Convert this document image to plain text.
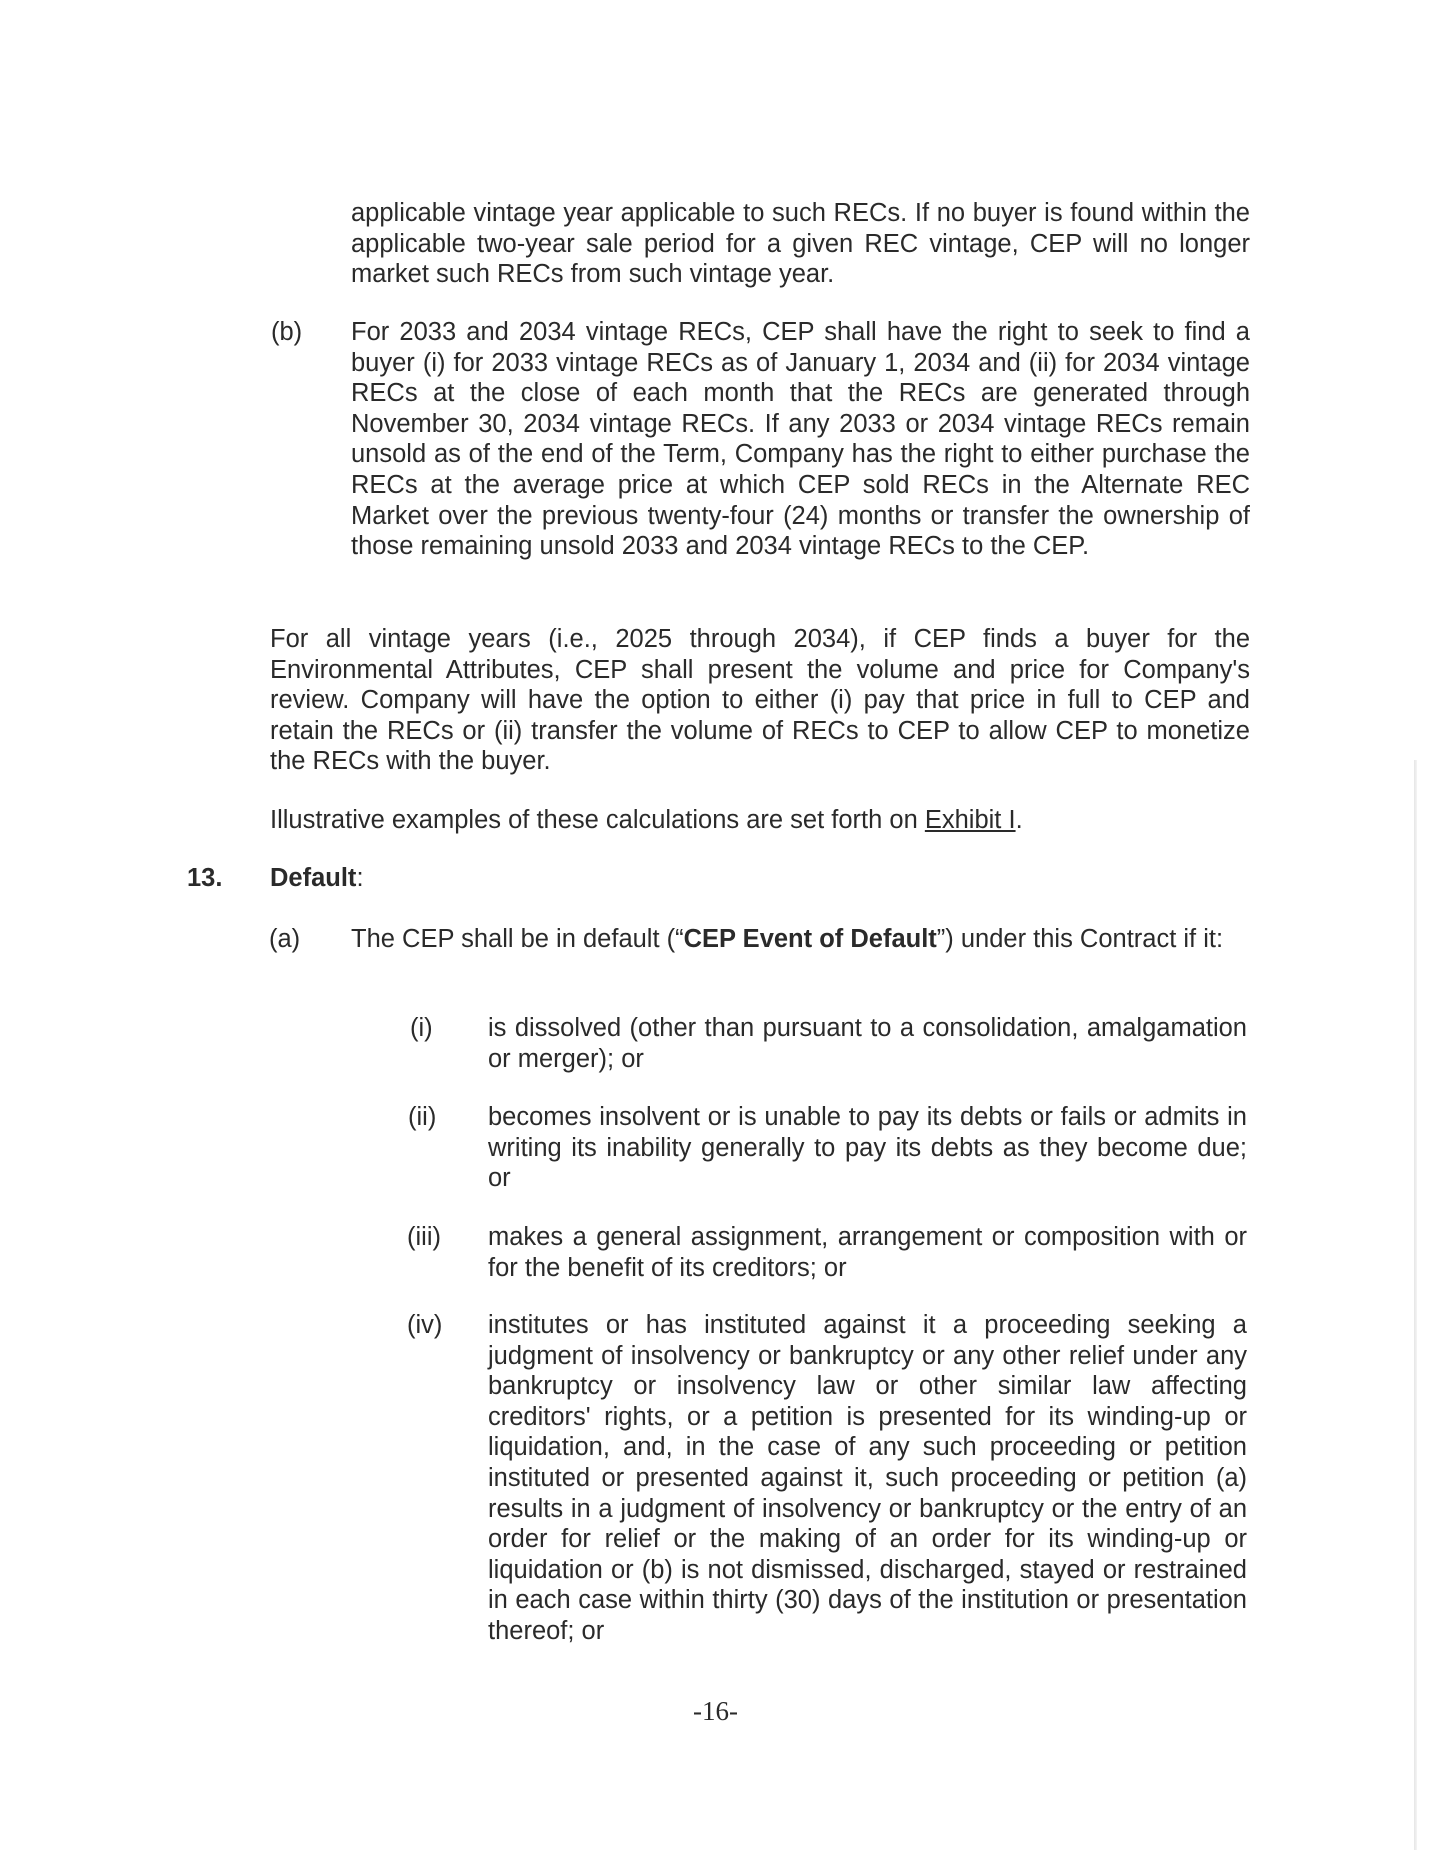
applicable vintage year applicable to such RECs. If no buyer is found within the applicable two-year sale period for a given REC vintage, CEP will no longer market such RECs from such vintage year.

(b) For 2033 and 2034 vintage RECs, CEP shall have the right to seek to find a buyer (i) for 2033 vintage RECs as of January 1, 2034 and (ii) for 2034 vintage RECs at the close of each month that the RECs are generated through November 30, 2034 vintage RECs. If any 2033 or 2034 vintage RECs remain unsold as of the end of the Term, Company has the right to either purchase the RECs at the average price at which CEP sold RECs in the Alternate REC Market over the previous twenty-four (24) months or transfer the ownership of those remaining unsold 2033 and 2034 vintage RECs to the CEP.

For all vintage years (i.e., 2025 through 2034), if CEP finds a buyer for the Environmental Attributes, CEP shall present the volume and price for Company's review. Company will have the option to either (i) pay that price in full to CEP and retain the RECs or (ii) transfer the volume of RECs to CEP to allow CEP to monetize the RECs with the buyer.

Illustrative examples of these calculations are set forth on Exhibit I.

13. Default:

(a) The CEP shall be in default (“CEP Event of Default”) under this Contract if it:

(i) is dissolved (other than pursuant to a consolidation, amalgamation or merger); or

(ii) becomes insolvent or is unable to pay its debts or fails or admits in writing its inability generally to pay its debts as they become due; or

(iii) makes a general assignment, arrangement or composition with or for the benefit of its creditors; or

(iv) institutes or has instituted against it a proceeding seeking a judgment of insolvency or bankruptcy or any other relief under any bankruptcy or insolvency law or other similar law affecting creditors' rights, or a petition is presented for its winding-up or liquidation, and, in the case of any such proceeding or petition instituted or presented against it, such proceeding or petition (a) results in a judgment of insolvency or bankruptcy or the entry of an order for relief or the making of an order for its winding-up or liquidation or (b) is not dismissed, discharged, stayed or restrained in each case within thirty (30) days of the institution or presentation thereof; or

-16-
